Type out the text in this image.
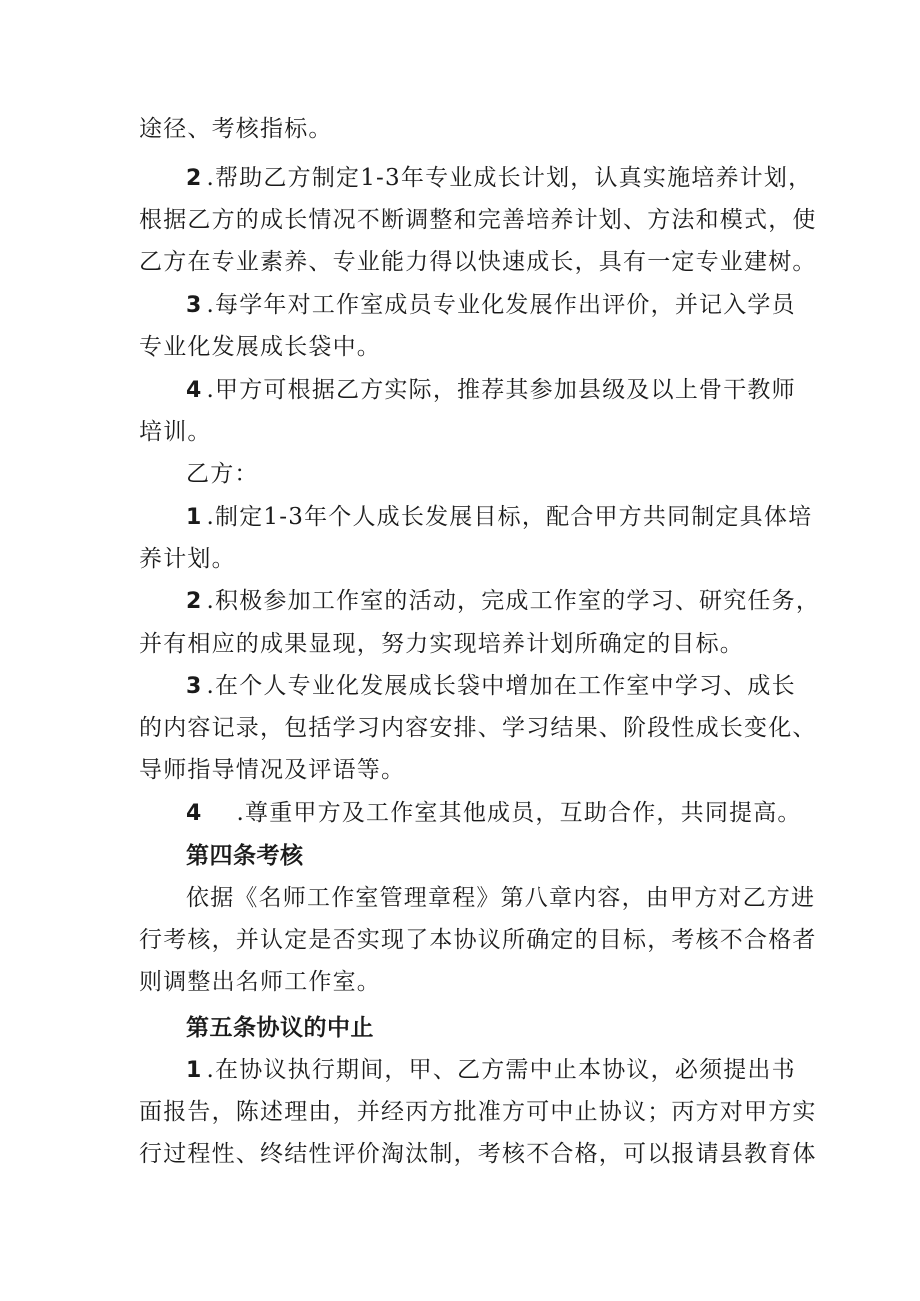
途径、考核指标。
2 .帮助乙方制定1-3年专业成长计划，认真实施培养计划，
根据乙方的成长情况不断调整和完善培养计划、方法和模式，使
乙方在专业素养、专业能力得以快速成长，具有一定专业建树。
3 .每学年对工作室成员专业化发展作出评价，并记入学员
专业化发展成长袋中。
4 .甲方可根据乙方实际，推荐其参加县级及以上骨干教师
培训。
乙方：
1 .制定1-3年个人成长发展目标，配合甲方共同制定具体培
养计划。
2 .积极参加工作室的活动，完成工作室的学习、研究任务，
并有相应的成果显现，努力实现培养计划所确定的目标。
3 .在个人专业化发展成长袋中增加在工作室中学习、成长
的内容记录，包括学习内容安排、学习结果、阶段性成长变化、
导师指导情况及评语等。
4 .尊重甲方及工作室其他成员，互助合作，共同提高。
第四条考核
依据《名师工作室管理章程》第八章内容，由甲方对乙方进
行考核，并认定是否实现了本协议所确定的目标，考核不合格者
则调整出名师工作室。
第五条协议的中止
1 .在协议执行期间，甲、乙方需中止本协议，必须提出书
面报告，陈述理由，并经丙方批准方可中止协议；丙方对甲方实
行过程性、终结性评价淘汰制，考核不合格，可以报请县教育体
